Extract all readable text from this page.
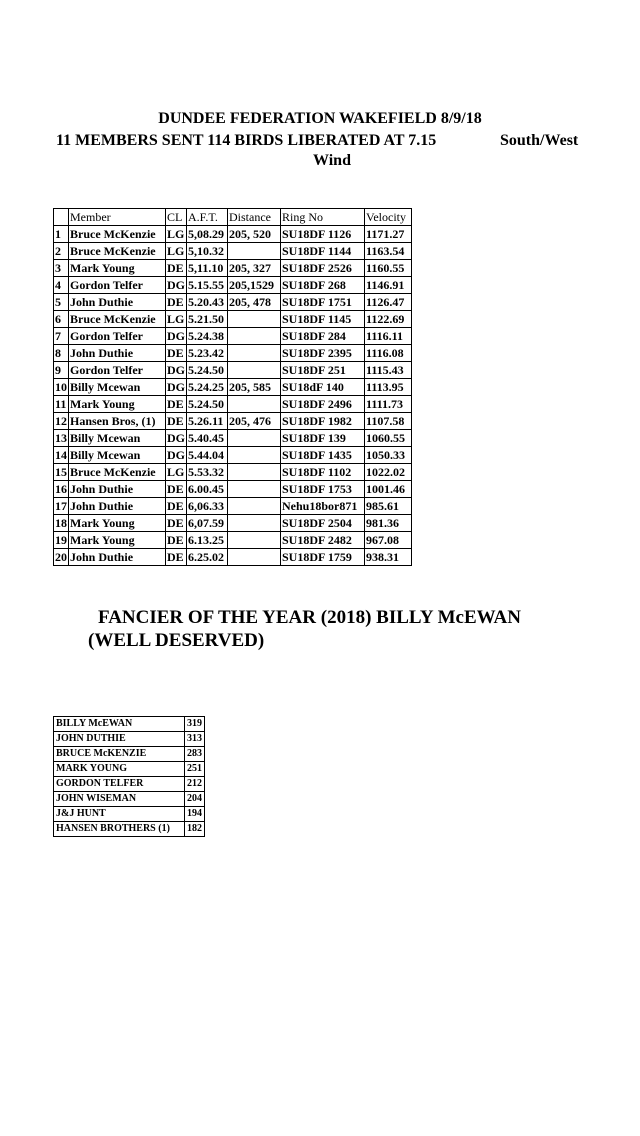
DUNDEE FEDERATION WAKEFIELD 8/9/18
11 MEMBERS SENT 114 BIRDS LIBERATED AT 7.15	South/West
Wind
	Member	CL	A.F.T.	Distance	Ring No	Velocity
1	Bruce McKenzie	LG	5,08.29	205, 520	SU18DF 1126	1171.27
2	Bruce McKenzie	LG	5,10.32		SU18DF 1144	1163.54
3	Mark Young	DE	5,11.10	205, 327	SU18DF 2526	1160.55
4	Gordon Telfer	DG	5.15.55	205,1529	SU18DF 268	1146.91
5	John Duthie	DE	5.20.43	205, 478	SU18DF 1751	1126.47
6	Bruce McKenzie	LG	5.21.50		SU18DF 1145	1122.69
7	Gordon Telfer	DG	5.24.38		SU18DF 284	1116.11
8	John Duthie	DE	5.23.42		SU18DF 2395	1116.08
9	Gordon Telfer	DG	5.24.50		SU18DF 251	1115.43
10	Billy Mcewan	DG	5.24.25	205, 585	SU18dF 140	1113.95
11	Mark Young	DE	5.24.50		SU18DF 2496	1111.73
12	Hansen Bros, (1)	DE	5.26.11	205, 476	SU18DF 1982	1107.58
13	Billy Mcewan	DG	5.40.45		SU18DF 139	1060.55
14	Billy Mcewan	DG	5.44.04		SU18DF 1435	1050.33
15	Bruce McKenzie	LG	5.53.32		SU18DF 1102	1022.02
16	John Duthie	DE	6.00.45		SU18DF 1753	1001.46
17	John Duthie	DE	6,06.33		Nehu18bor871	985.61
18	Mark Young	DE	6,07.59		SU18DF 2504	981.36
19	Mark Young	DE	6.13.25		SU18DF 2482	967.08
20	John Duthie	DE	6.25.02		SU18DF 1759	938.31
FANCIER OF THE YEAR (2018) BILLY McEWAN
(WELL DESERVED)
BILLY McEWAN	319
JOHN DUTHIE	313
BRUCE McKENZIE	283
MARK YOUNG	251
GORDON TELFER	212
JOHN WISEMAN	204
J&J HUNT	194
HANSEN BROTHERS (1)	182
